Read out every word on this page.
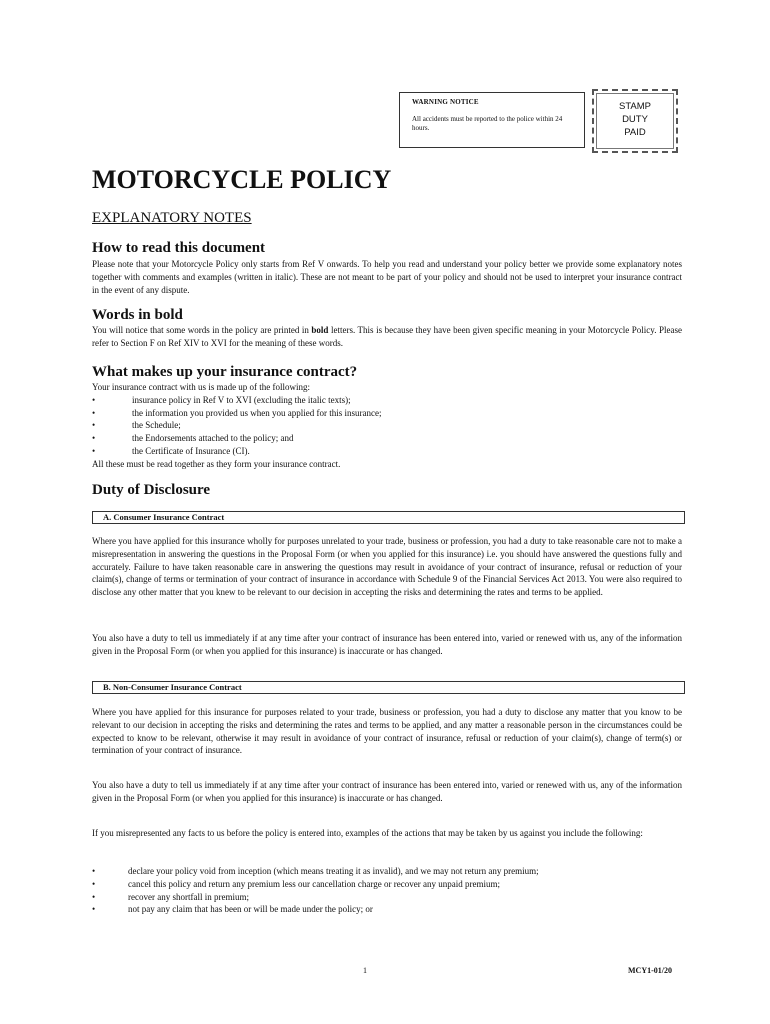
WARNING NOTICE
All accidents must be reported to the police within 24 hours.
STAMP
DUTY
PAID
MOTORCYCLE POLICY
EXPLANATORY NOTES
How to read this document
Please note that your Motorcycle Policy only starts from Ref V onwards. To help you read and understand your policy better we provide some explanatory notes together with comments and examples (written in italic). These are not meant to be part of your policy and should not be used to interpret your insurance contract in the event of any dispute.
Words in bold
You will notice that some words in the policy are printed in bold letters. This is because they have been given specific meaning in your Motorcycle Policy. Please refer to Section F on Ref XIV to XVI for the meaning of these words.
What makes up your insurance contract?
Your insurance contract with us is made up of the following:
•	insurance policy in Ref V to XVI (excluding the italic texts);
•	the information you provided us when you applied for this insurance;
•	the Schedule;
•	the Endorsements attached to the policy; and
•	the Certificate of Insurance (CI).
All these must be read together as they form your insurance contract.
Duty of Disclosure
A. Consumer Insurance Contract
Where you have applied for this insurance wholly for purposes unrelated to your trade, business or profession, you had a duty to take reasonable care not to make a misrepresentation in answering the questions in the Proposal Form (or when you applied for this insurance) i.e. you should have answered the questions fully and accurately. Failure to have taken reasonable care in answering the questions may result in avoidance of your contract of insurance, refusal or reduction of your claim(s), change of terms or termination of your contract of insurance in accordance with Schedule 9 of the Financial Services Act 2013. You were also required to disclose any other matter that you knew to be relevant to our decision in accepting the risks and determining the rates and terms to be applied.
You also have a duty to tell us immediately if at any time after your contract of insurance has been entered into, varied or renewed with us, any of the information given in the Proposal Form (or when you applied for this insurance) is inaccurate or has changed.
B. Non-Consumer Insurance Contract
Where you have applied for this insurance for purposes related to your trade, business or profession, you had a duty to disclose any matter that you know to be relevant to our decision in accepting the risks and determining the rates and terms to be applied, and any matter a reasonable person in the circumstances could be expected to know to be relevant, otherwise it may result in avoidance of your contract of insurance, refusal or reduction of your claim(s), change of term(s) or termination of your contract of insurance.
You also have a duty to tell us immediately if at any time after your contract of insurance has been entered into, varied or renewed with us, any of the information given in the Proposal Form (or when you applied for this insurance) is inaccurate or has changed.
If you misrepresented any facts to us before the policy is entered into, examples of the actions that may be taken by us against you include the following:
•	declare your policy void from inception (which means treating it as invalid), and we may not return any premium;
•	cancel this policy and return any premium less our cancellation charge or recover any unpaid premium;
•	recover any shortfall in premium;
•	not pay any claim that has been or will be made under the policy; or
1	MCY1-01/20
